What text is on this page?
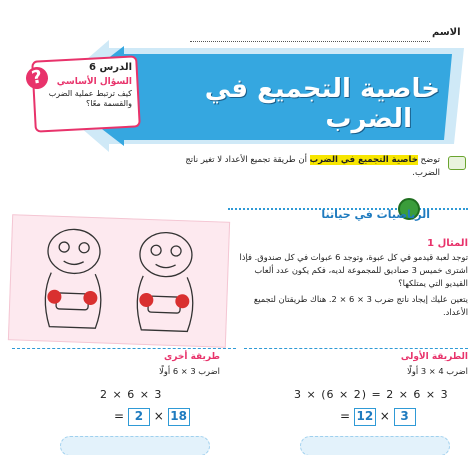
الاسم
خاصية التجميع في
الضرب
الدرس 6
السؤال الأساسي
كيف ترتبط عملية الضرب والقسمة معًا؟
?
توضح خاصية التجميع في الضرب أن طريقة تجميع الأعداد لا تغير ناتج الضرب.
الرياضيات في حياتنا
المثال 1
توجد لعبة قيدمو في كل عبوة، وتوجد 6 عبوات في كل صندوق. فإذا اشترى خميس 3 صناديق للمجموعة لديه، فكم يكون عدد ألعاب القيديو التي يمتلكها؟
يتعين عليك إيجاد ناتج ضرب 3 × 6 × 2. هناك طريقتان لتجميع الأعداد.
الطريقة الأولى
اضرب 4 × 3 أولًا
3 × (6 × 2) = 2 × 6 × 3
= 12 × 3
طريقة أخرى
اضرب 3 × 6 أولًا
2 × 6 × 3
= 2 × 18
